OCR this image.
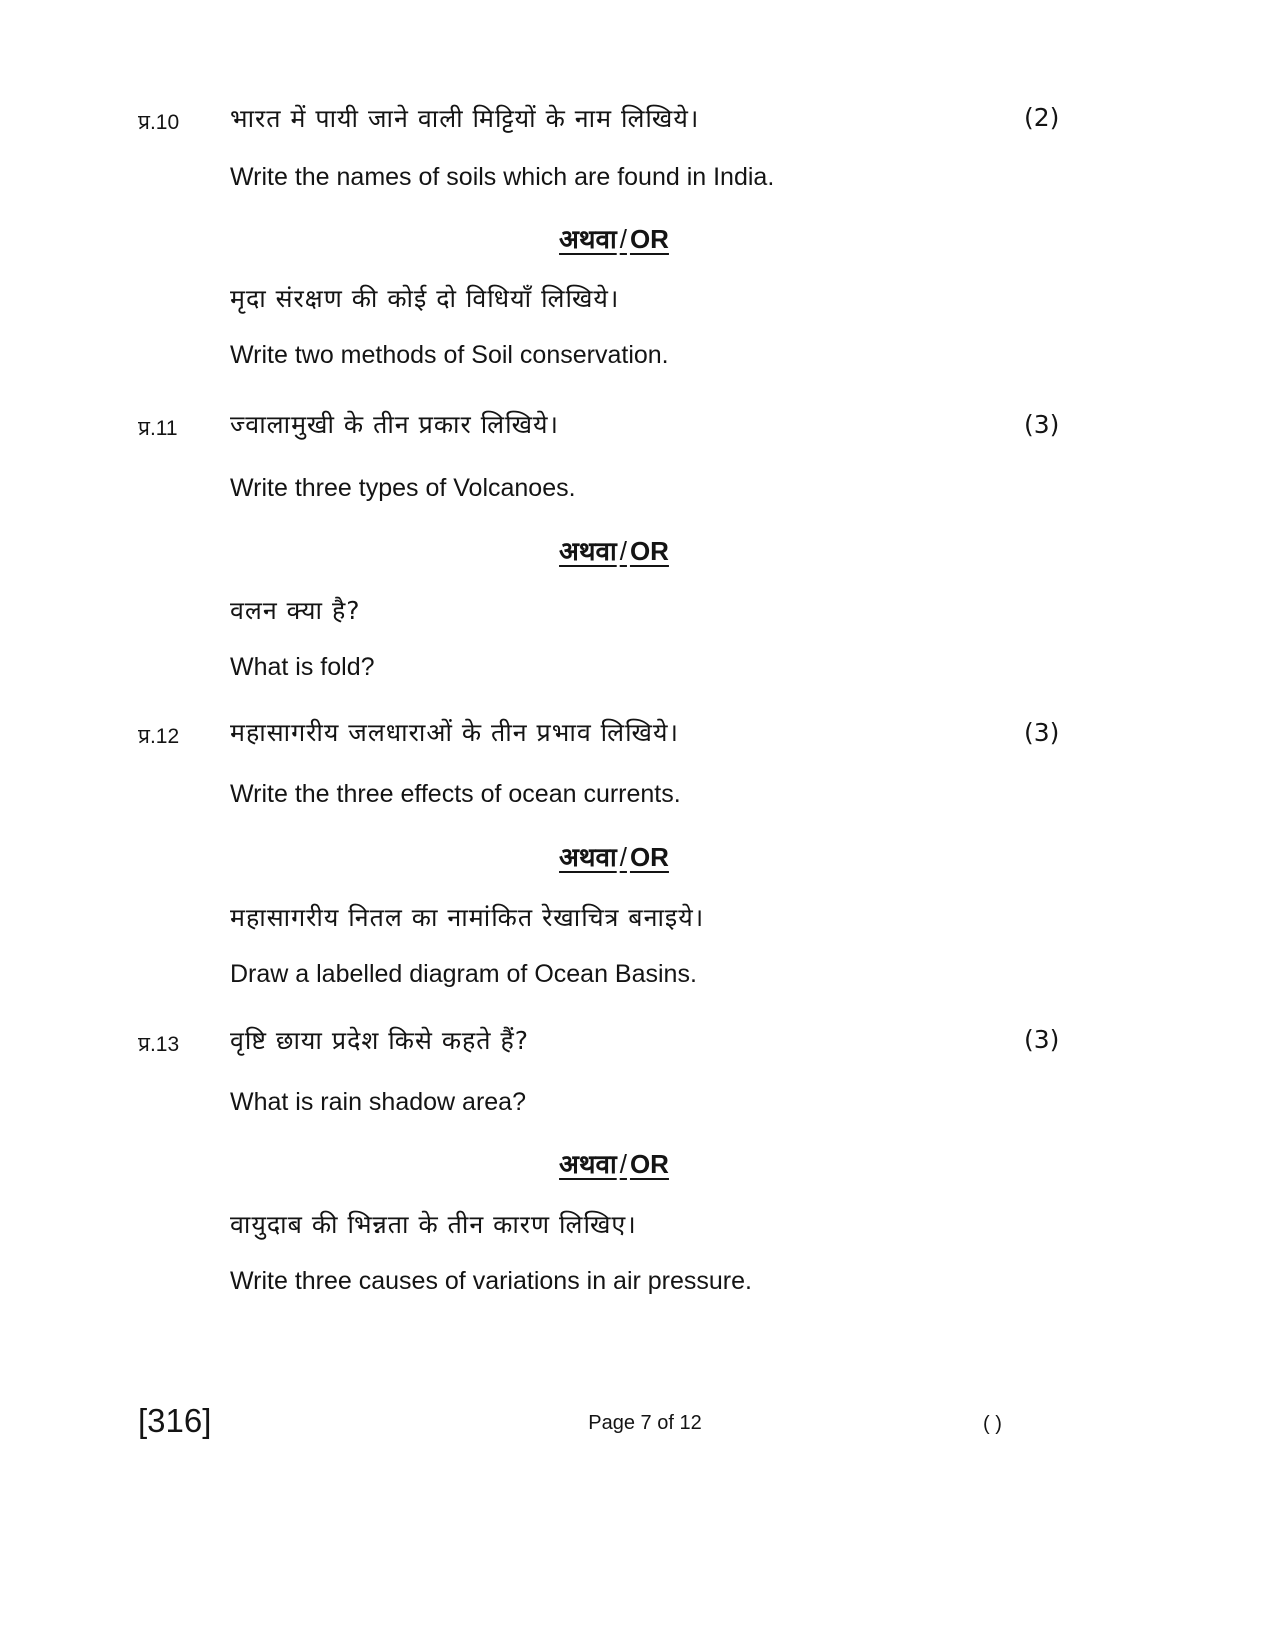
प्र.10 भारत में पायी जाने वाली मिट्टियों के नाम लिखिये।	(2)
Write the names of soils which are found in India.
अथवा / OR
मृदा संरक्षण की कोई दो विधियाँ लिखिये।
Write two methods of Soil conservation.
प्र.11 ज्वालामुखी के तीन प्रकार लिखिये।	(3)
Write three types of Volcanoes.
अथवा / OR
वलन क्या है?
What is fold?
प्र.12 महासागरीय जलधाराओं के तीन प्रभाव लिखिये।	(3)
Write the three effects of ocean currents.
अथवा / OR
महासागरीय नितल का नामांकित रेखाचित्र बनाइये।
Draw a labelled diagram of Ocean Basins.
प्र.13 वृष्टि छाया प्रदेश किसे कहते हैं?	(3)
What is rain shadow area?
अथवा / OR
वायुदाब की भिन्नता के तीन कारण लिखिए।
Write three causes of variations in air pressure.
[316]	Page 7 of 12	( )
